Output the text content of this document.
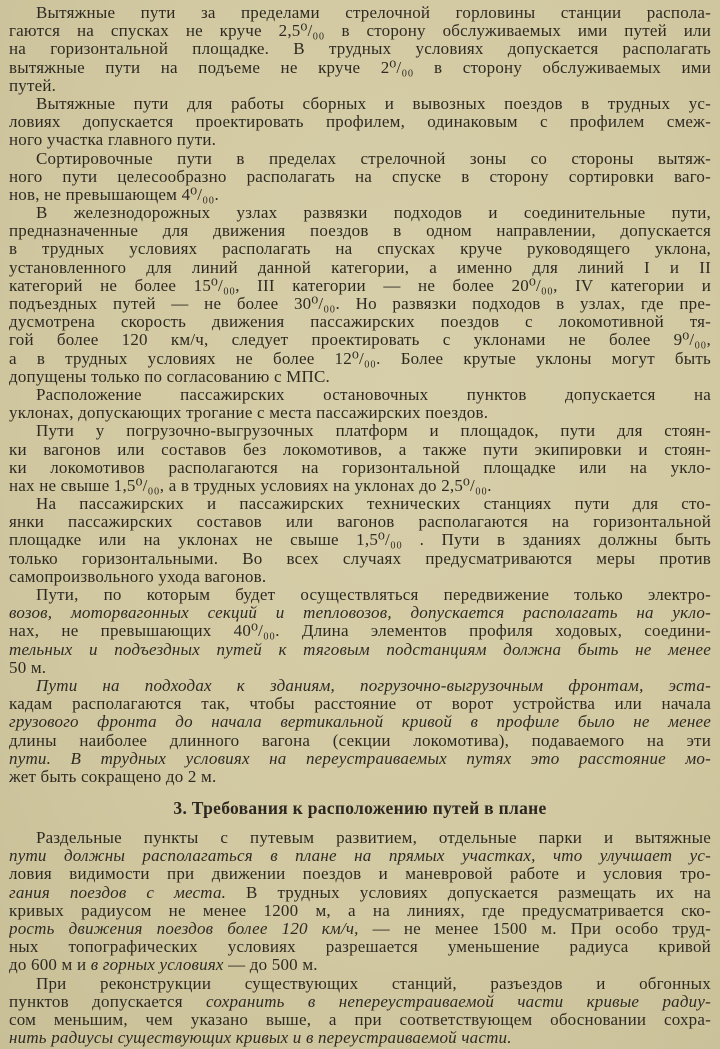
Вытяжные пути за пределами стрелочной горловины станции распола-
гаются на спусках не круче 2,5⁰/₀₀ в сторону обслуживаемых ими путей или
на горизонтальной площадке. В трудных условиях допускается располагать
вытяжные пути на подъеме не круче 2⁰/₀₀ в сторону обслуживаемых ими
путей.
Вытяжные пути для работы сборных и вывозных поездов в трудных ус-
ловиях допускается проектировать профилем, одинаковым с профилем смеж-
ного участка главного пути.
Сортировочные пути в пределах стрелочной зоны со стороны вытяж-
ного пути целесообразно располагать на спуске в сторону сортировки ваго-
нов, не превышающем 4⁰/₀₀.
В железнодорожных узлах развязки подходов и соединительные пути,
предназначенные для движения поездов в одном направлении, допускается
в трудных условиях располагать на спусках круче руководящего уклона,
установленного для линий данной категории, а именно для линий I и II
категорий не более 15⁰/₀₀, III категории — не более 20⁰/₀₀, IV категории и
подъездных путей — не более 30⁰/₀₀. Но развязки подходов в узлах, где пре-
дусмотрена скорость движения пассажирских поездов с локомотивной тя-
гой более 120 км/ч, следует проектировать с уклонами не более 9⁰/₀₀,
а в трудных условиях не более 12⁰/₀₀. Более крутые уклоны могут быть
допущены только по согласованию с МПС.
Расположение пассажирских остановочных пунктов допускается на
уклонах, допускающих трогание с места пассажирских поездов.
Пути у погрузочно-выгрузочных платформ и площадок, пути для стоян-
ки вагонов или составов без локомотивов, а также пути экипировки и стоян-
ки локомотивов располагаются на горизонтальной площадке или на укло-
нах не свыше 1,5⁰/₀₀, а в трудных условиях на уклонах до 2,5⁰/₀₀.
На пассажирских и пассажирских технических станциях пути для сто-
янки пассажирских составов или вагонов располагаются на горизонтальной
площадке или на уклонах не свыше 1,5⁰/₀₀ . Пути в зданиях должны быть
только горизонтальными. Во всех случаях предусматриваются меры против
самопроизвольного ухода вагонов.
Пути, по которым будет осуществляться передвижение только электро-
возов, моторвагонных секций и тепловозов, допускается располагать на укло-
нах, не превышающих 40⁰/₀₀. Длина элементов профиля ходовых, соедини-
тельных и подъездных путей к тяговым подстанциям должна быть не менее
50 м.
Пути на подходах к зданиям, погрузочно-выгрузочным фронтам, эста-
кадам располагаются так, чтобы расстояние от ворот устройства или начала
грузового фронта до начала вертикальной кривой в профиле было не менее
длины наиболее длинного вагона (секции локомотива), подаваемого на эти
пути. В трудных условиях на переустраиваемых путях это расстояние мо-
жет быть сокращено до 2 м.
3. Требования к расположению путей в плане
Раздельные пункты с путевым развитием, отдельные парки и вытяжные
пути должны располагаться в плане на прямых участках, что улучшает ус-
ловия видимости при движении поездов и маневровой работе и условия тро-
гания поездов с места. В трудных условиях допускается размещать их на
кривых радиусом не менее 1200 м, а на линиях, где предусматривается ско-
рость движения поездов более 120 км/ч, — не менее 1500 м. При особо труд-
ных топографических условиях разрешается уменьшение радиуса кривой
до 600 м и в горных условиях — до 500 м.
При реконструкции существующих станций, разъездов и обгонных
пунктов допускается сохранить в непереустраиваемой части кривые радиу-
сом меньшим, чем указано выше, а при соответствующем обосновании сохра-
нить радиусы существующих кривых и в переустраиваемой части.
